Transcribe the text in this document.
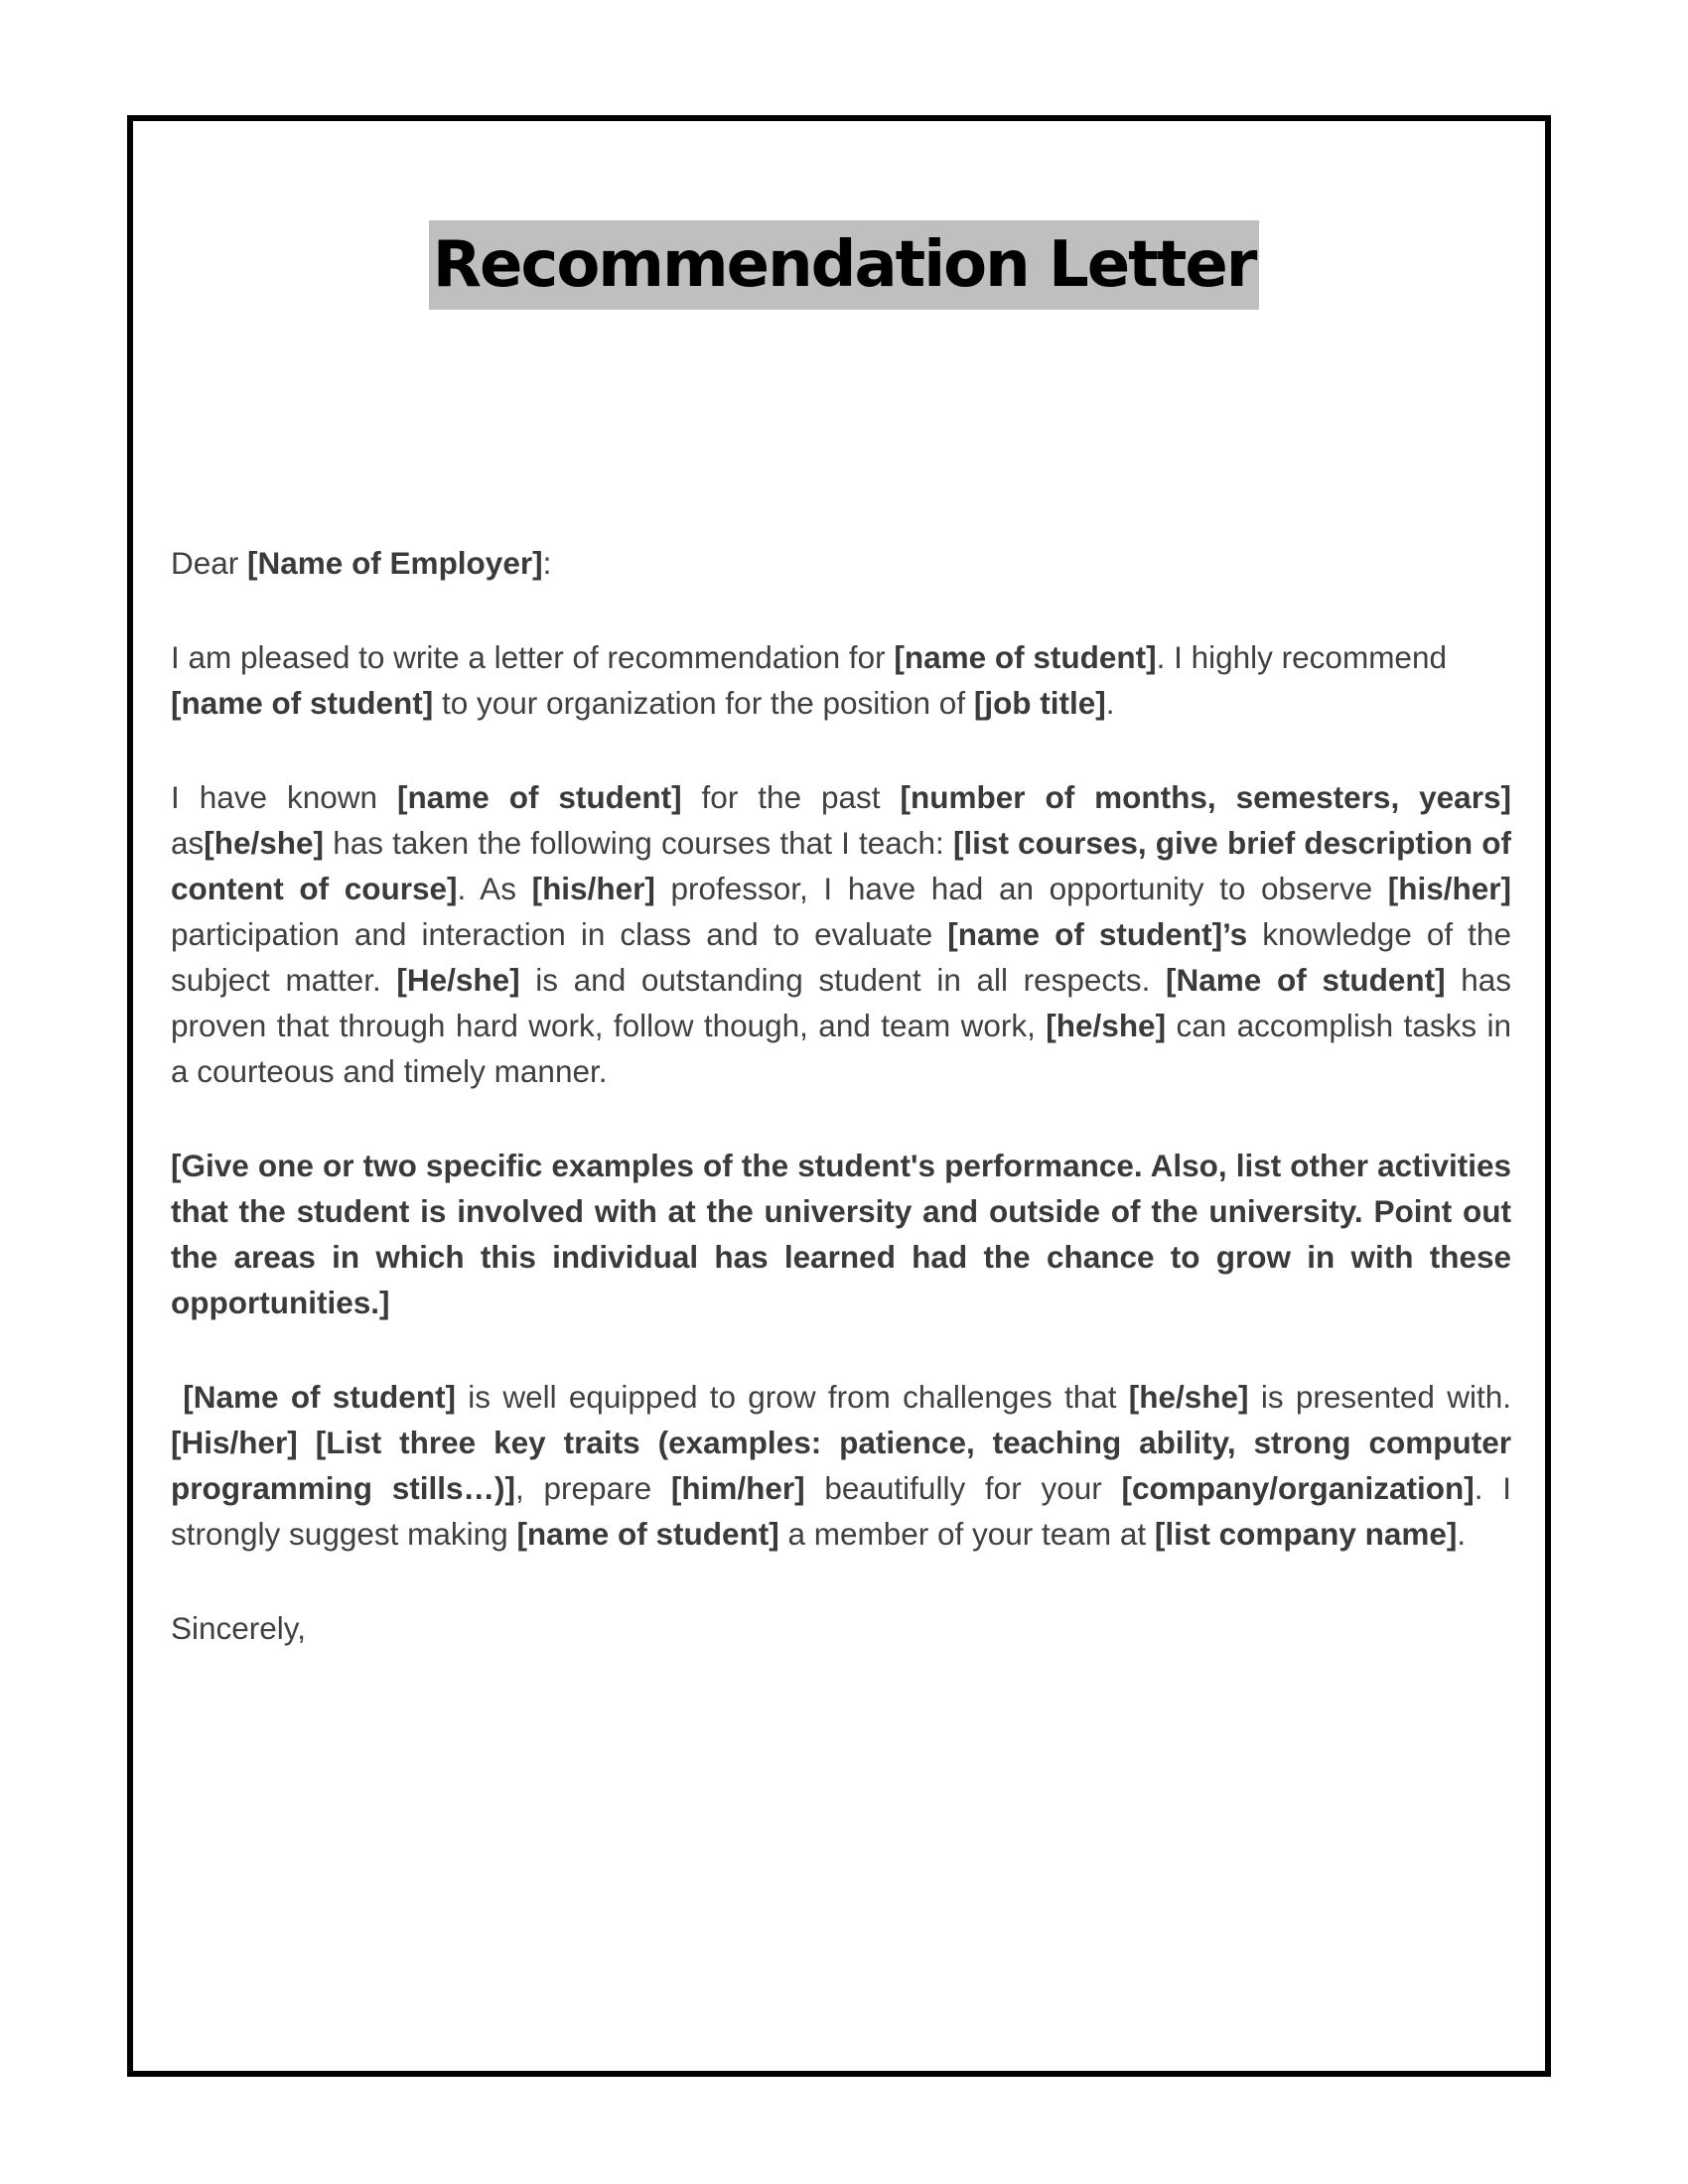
Recommendation Letter

Dear [Name of Employer]:

I am pleased to write a letter of recommendation for [name of student]. I highly recommend [name of student] to your organization for the position of [job title].

I have known [name of student] for the past [number of months, semesters, years] as[he/she] has taken the following courses that I teach: [list courses, give brief description of content of course]. As [his/her] professor, I have had an opportunity to observe [his/her] participation and interaction in class and to evaluate [name of student]’s knowledge of the subject matter. [He/she] is and outstanding student in all respects. [Name of student] has proven that through hard work, follow though, and team work, [he/she] can accomplish tasks in a courteous and timely manner.

[Give one or two specific examples of the student's performance. Also, list other activities that the student is involved with at the university and outside of the university. Point out the areas in which this individual has learned had the chance to grow in with these opportunities.]

[Name of student] is well equipped to grow from challenges that [he/she] is presented with. [His/her] [List three key traits (examples: patience, teaching ability, strong computer programming stills…)], prepare [him/her] beautifully for your [company/organization]. I strongly suggest making [name of student] a member of your team at [list company name].

Sincerely,
